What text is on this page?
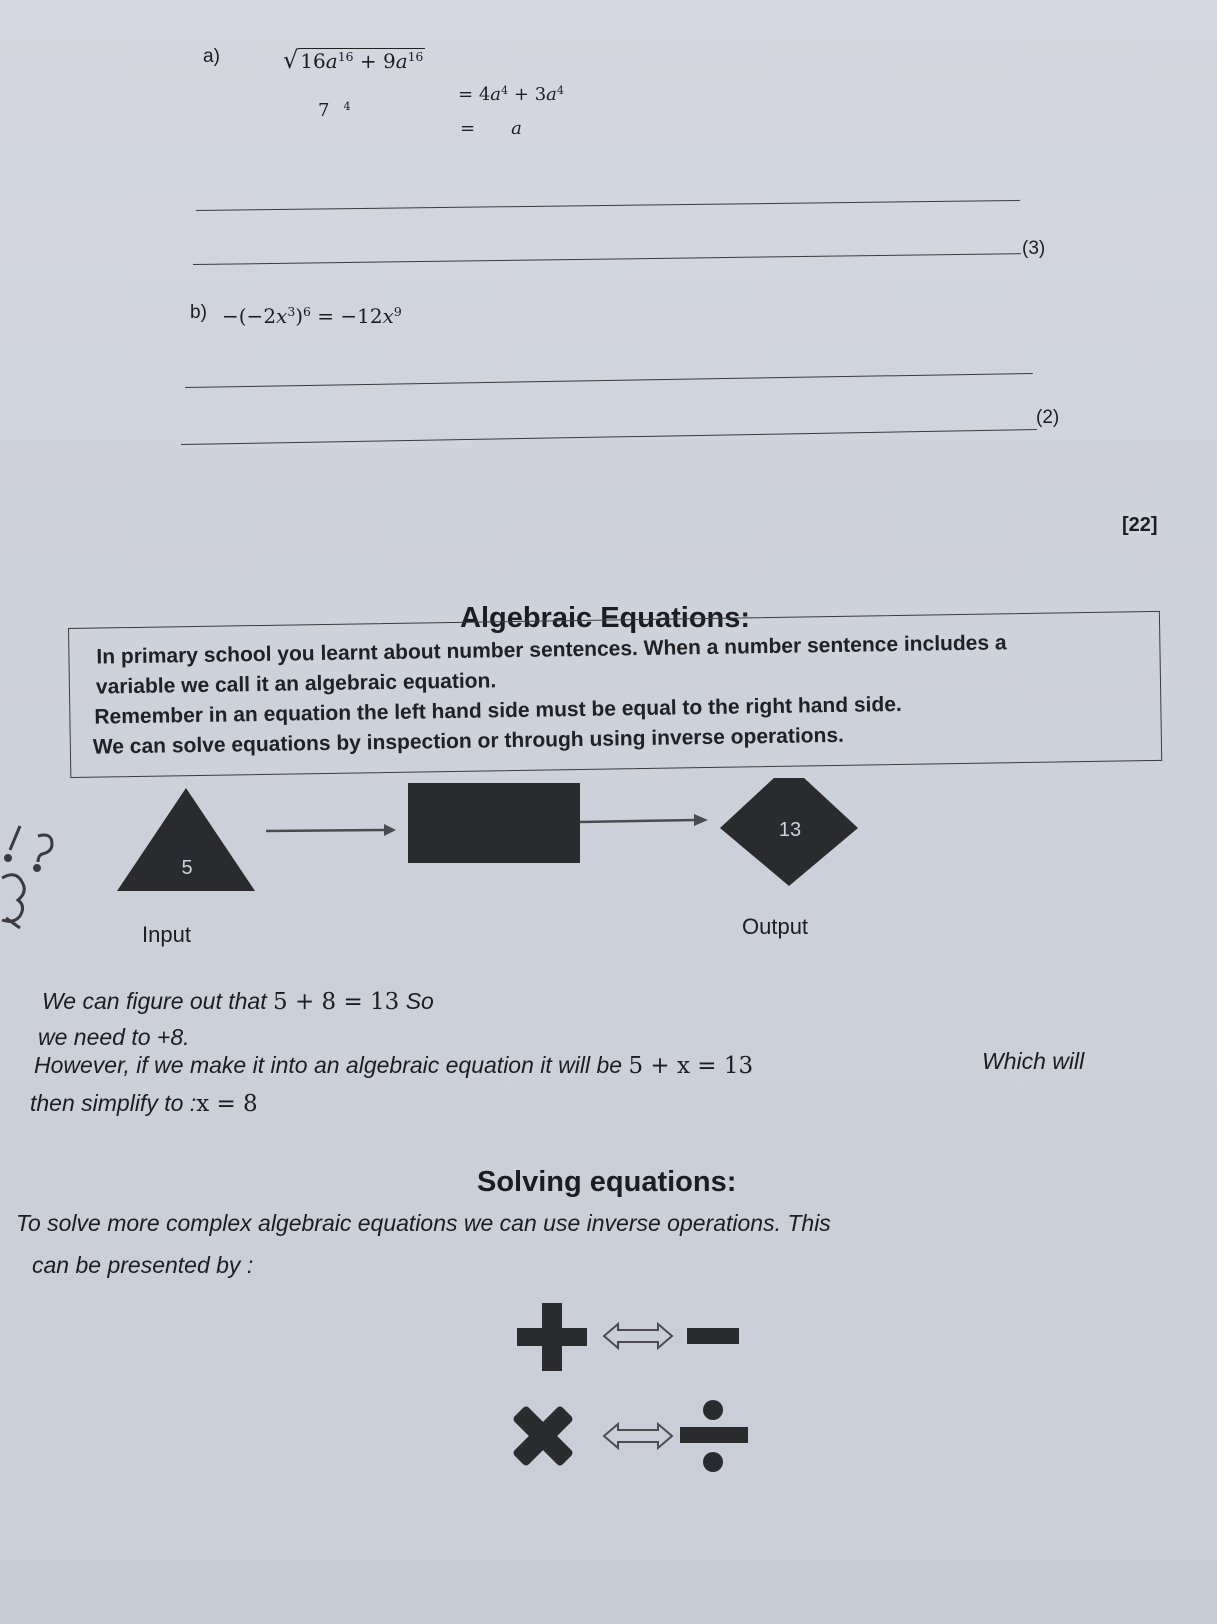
a)	√ $16a^{16} + 9a^{16}$
7 $^4$
= $4a^4 + 3a^4$
= a
(3)
$b) -(-2x^3)^6 = -12x^9$
(2)
[22]
Algebraic Equations:

In primary school you learnt about number sentences. When a number sentence includes a

variable we call it an algebraic equation.

Remember in an equation the left hand side must be equal to the right hand side.

We can solve equations by inspection or through using inverse operations.

5
13
Input	Output
We can figure out that 5 + 8 = 13 So
we need to +8.
However, if we make it into an algebraic equation it will be 5 + x = 13	Which will
then simplify to :x = 8
Solving equations:
To solve more complex algebraic equations we can use inverse operations. This
can be presented by :
